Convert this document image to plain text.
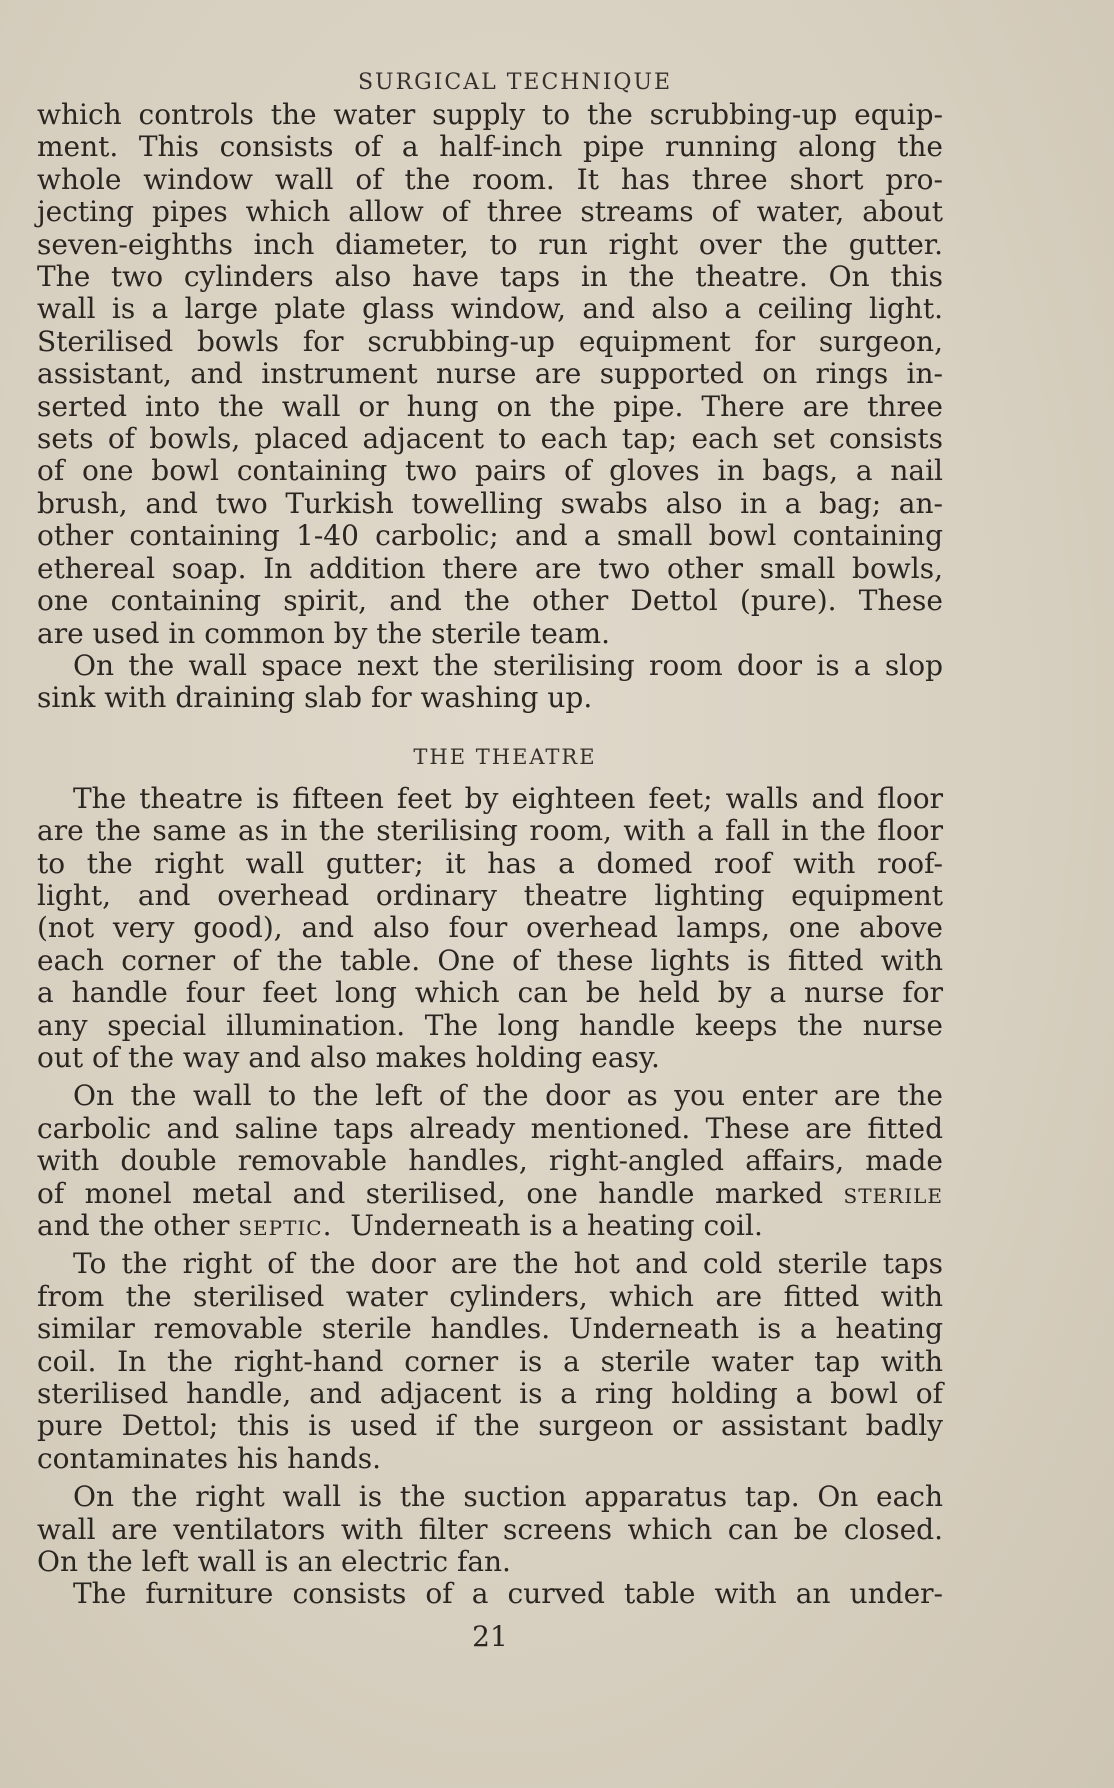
SURGICAL TECHNIQUE
which controls the water supply to the scrubbing-up equip-
ment. This consists of a half-inch pipe running along the
whole window wall of the room. It has three short pro-
jecting pipes which allow of three streams of water, about
seven-eighths inch diameter, to run right over the gutter.
The two cylinders also have taps in the theatre. On this
wall is a large plate glass window, and also a ceiling light.
Sterilised bowls for scrubbing-up equipment for surgeon,
assistant, and instrument nurse are supported on rings in-
serted into the wall or hung on the pipe. There are three
sets of bowls, placed adjacent to each tap; each set consists
of one bowl containing two pairs of gloves in bags, a nail
brush, and two Turkish towelling swabs also in a bag; an-
other containing 1-40 carbolic; and a small bowl containing
ethereal soap. In addition there are two other small bowls,
one containing spirit, and the other Dettol (pure). These
are used in common by the sterile team.
On the wall space next the sterilising room door is a slop
sink with draining slab for washing up.
THE THEATRE
The theatre is fifteen feet by eighteen feet; walls and floor
are the same as in the sterilising room, with a fall in the floor
to the right wall gutter; it has a domed roof with roof-
light, and overhead ordinary theatre lighting equipment
(not very good), and also four overhead lamps, one above
each corner of the table. One of these lights is fitted with
a handle four feet long which can be held by a nurse for
any special illumination. The long handle keeps the nurse
out of the way and also makes holding easy.
On the wall to the left of the door as you enter are the
carbolic and saline taps already mentioned. These are fitted
with double removable handles, right-angled affairs, made
of monel metal and sterilised, one handle marked sterile
and the other septic. Underneath is a heating coil.
To the right of the door are the hot and cold sterile taps
from the sterilised water cylinders, which are fitted with
similar removable sterile handles. Underneath is a heating
coil. In the right-hand corner is a sterile water tap with
sterilised handle, and adjacent is a ring holding a bowl of
pure Dettol; this is used if the surgeon or assistant badly
contaminates his hands.
On the right wall is the suction apparatus tap. On each
wall are ventilators with filter screens which can be closed.
On the left wall is an electric fan.
The furniture consists of a curved table with an under-
21
